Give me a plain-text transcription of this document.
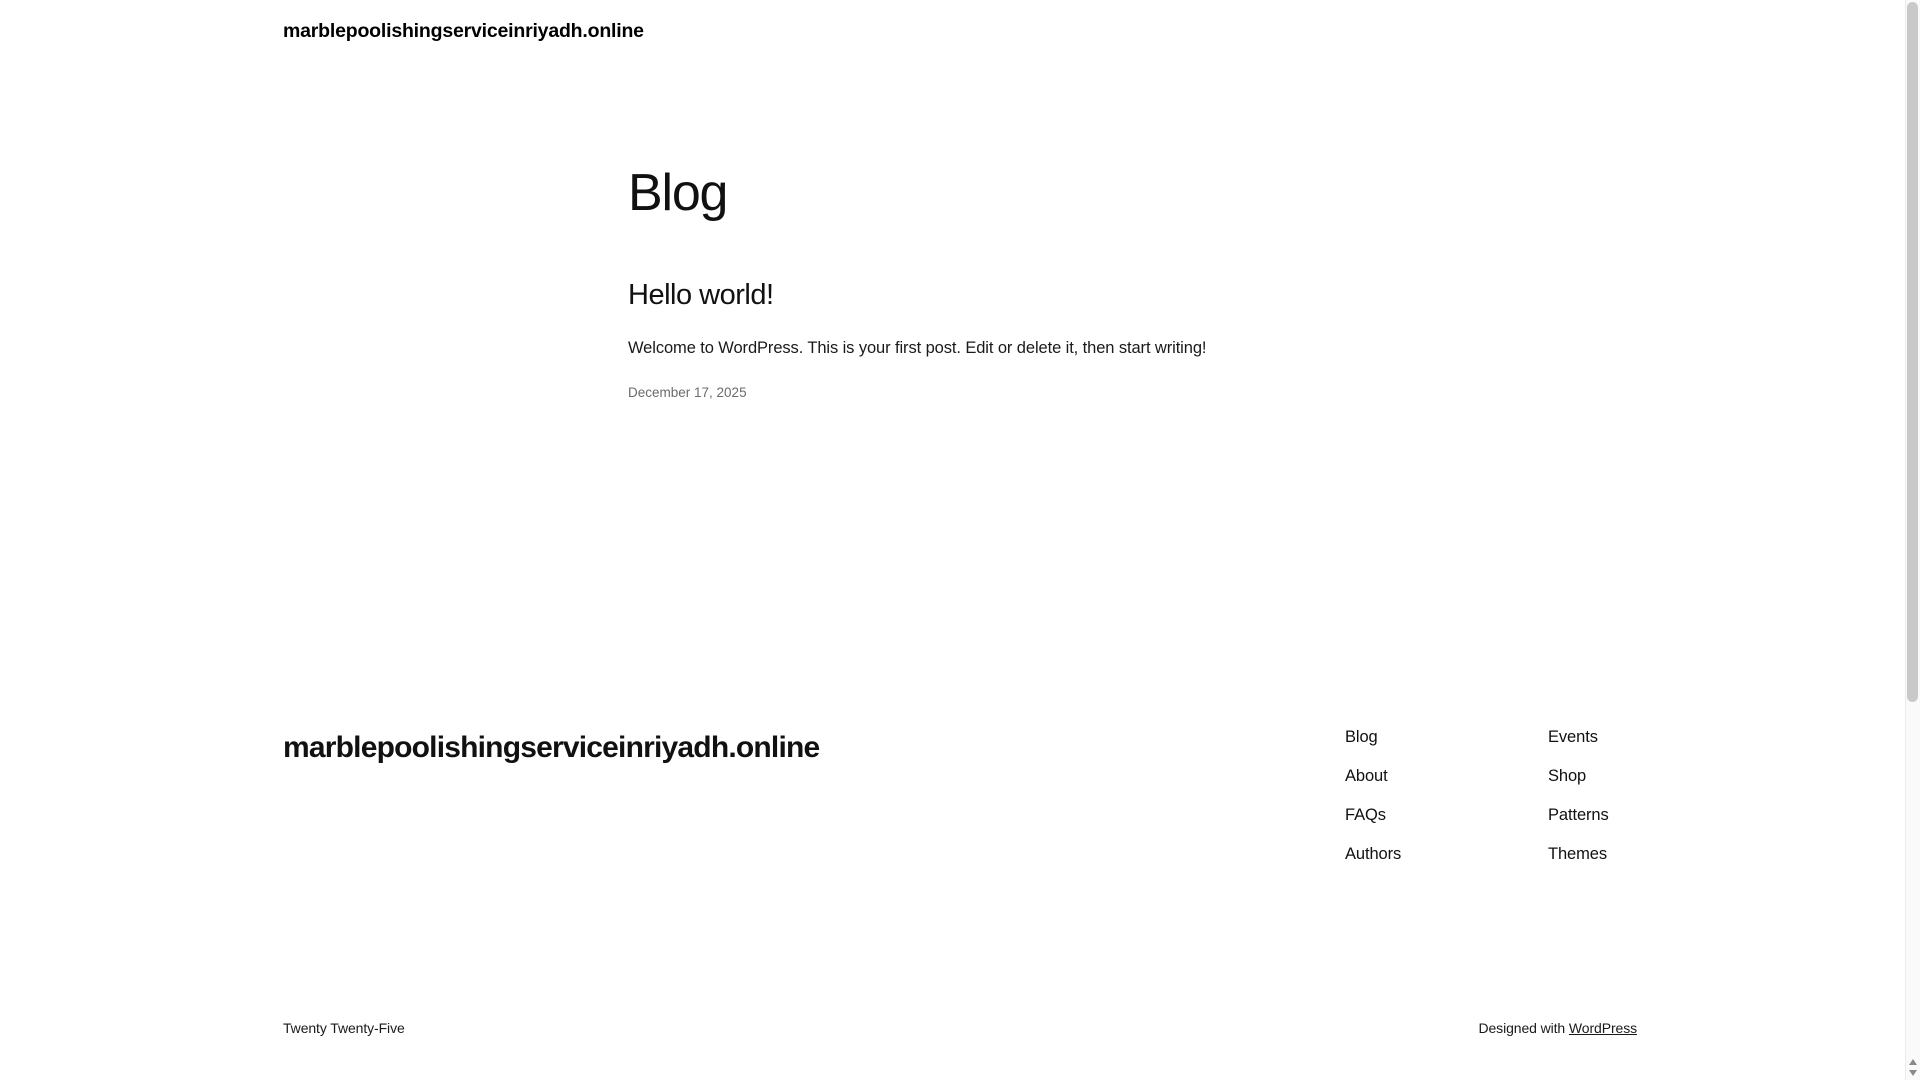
marblepoolishingserviceinriyadh.online
Blog
Hello world!

Welcome to WordPress. This is your first post. Edit or delete it, then start writing!

December 17, 2025
marblepoolishingserviceinriyadh.online	Blog
About
FAQs
Authors
Events
Shop
Patterns
Themes
Twenty Twenty-Five	Designed with WordPress
